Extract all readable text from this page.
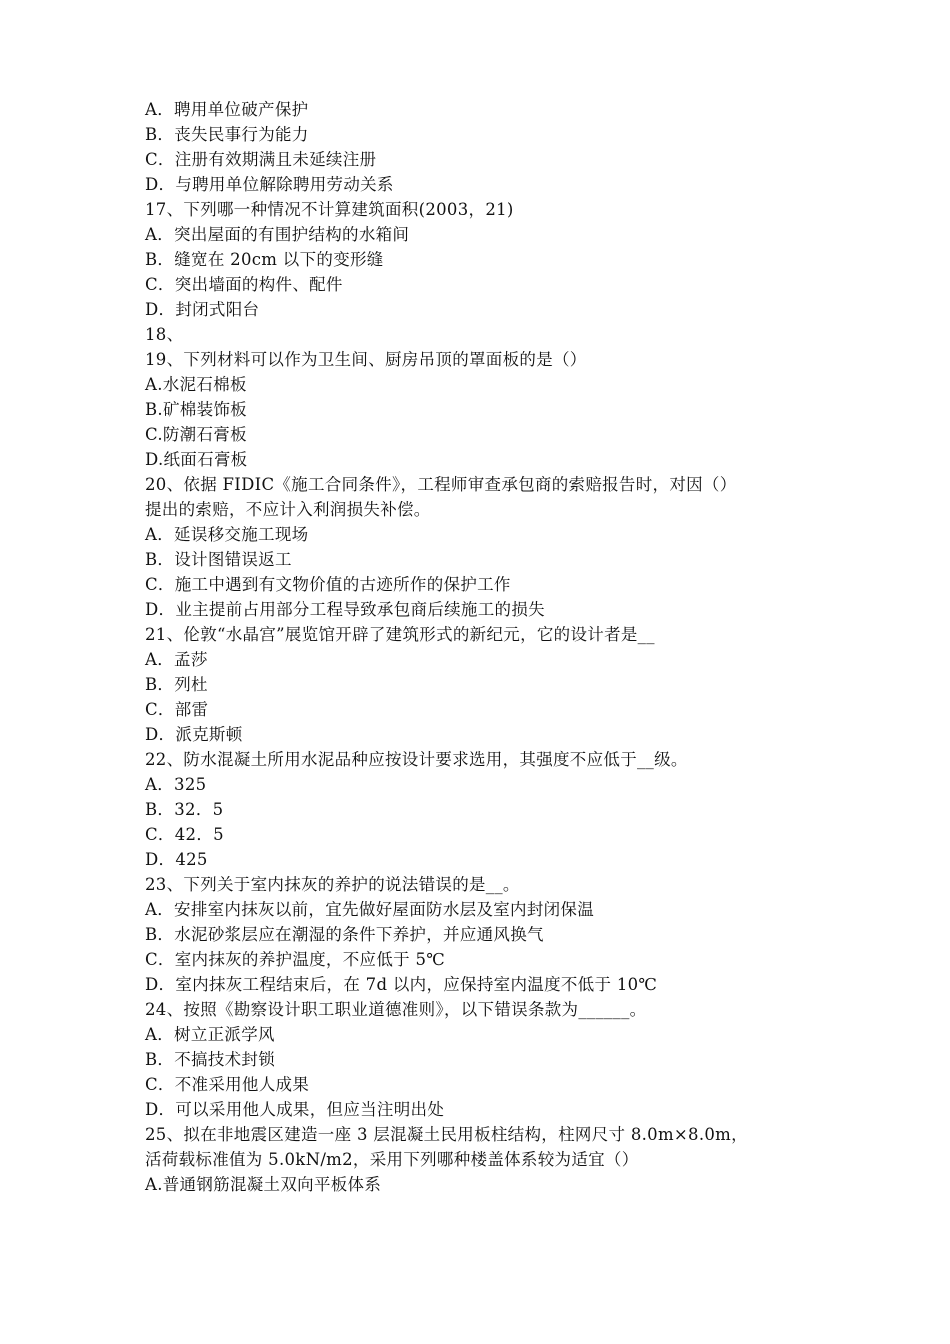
A．聘用单位破产保护
B．丧失民事行为能力
C．注册有效期满且未延续注册
D．与聘用单位解除聘用劳动关系
17、下列哪一种情况不计算建筑面积(2003，21)
A．突出屋面的有围护结构的水箱间
B．缝宽在 20cm 以下的变形缝
C．突出墙面的构件、配件
D．封闭式阳台
18、
19、下列材料可以作为卫生间、厨房吊顶的罩面板的是（）
A.水泥石棉板
B.矿棉装饰板
C.防潮石膏板
D.纸面石膏板
20、依据 FIDIC《施工合同条件》，工程师审查承包商的索赔报告时，对因（）
提出的索赔，不应计入利润损失补偿。
A．延误移交施工现场
B．设计图错误返工
C．施工中遇到有文物价值的古迹所作的保护工作
D．业主提前占用部分工程导致承包商后续施工的损失
21、伦敦“水晶宫”展览馆开辟了建筑形式的新纪元，它的设计者是__
A．孟莎
B．列杜
C．部雷
D．派克斯顿
22、防水混凝土所用水泥品种应按设计要求选用，其强度不应低于__级。
A．325
B．32．5
C．42．5
D．425
23、下列关于室内抹灰的养护的说法错误的是__。
A．安排室内抹灰以前，宜先做好屋面防水层及室内封闭保温
B．水泥砂浆层应在潮湿的条件下养护，并应通风换气
C．室内抹灰的养护温度，不应低于 5℃
D．室内抹灰工程结束后，在 7d 以内，应保持室内温度不低于 10℃
24、按照《勘察设计职工职业道德准则》，以下错误条款为______。
A．树立正派学风
B．不搞技术封锁
C．不准采用他人成果
D．可以采用他人成果，但应当注明出处
25、拟在非地震区建造一座 3 层混凝土民用板柱结构，柱网尺寸 8.0m×8.0m，
活荷载标准值为 5.0kN/m2，采用下列哪种楼盖体系较为适宜（）
A.普通钢筋混凝土双向平板体系
